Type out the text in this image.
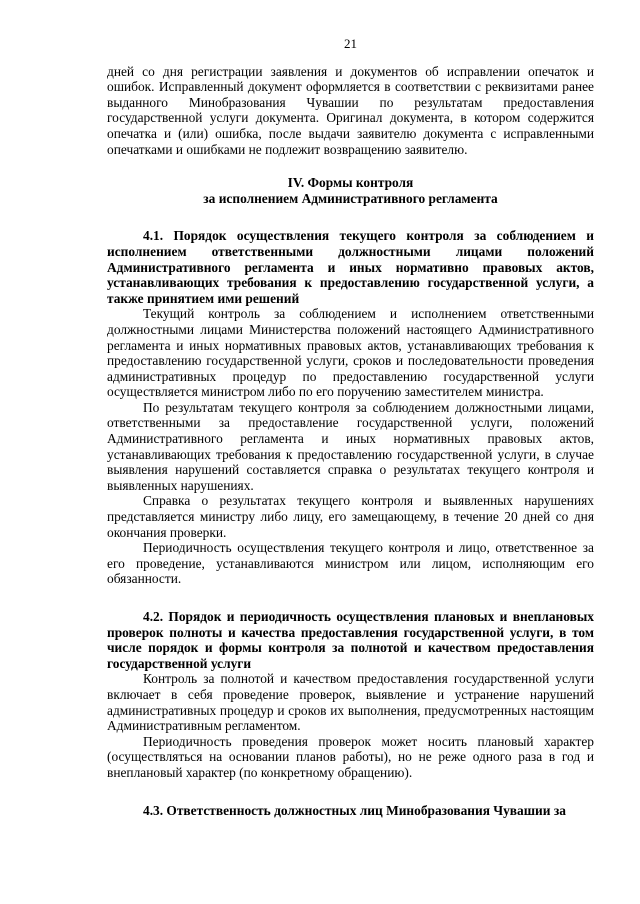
21

дней со дня регистрации заявления и документов об исправлении опечаток и ошибок. Исправленный документ оформляется в соответствии с реквизитами ранее выданного Минобразования Чувашии по результатам предоставления государственной услуги документа. Оригинал документа, в котором содержится опечатка и (или) ошибка, после выдачи заявителю документа с исправленными опечатками и ошибками не подлежит возвращению заявителю.

IV. Формы контроля

за исполнением Административного регламента

4.1. Порядок осуществления текущего контроля за соблюдением и исполнением ответственными должностными лицами положений Административного регламента и иных нормативно правовых актов, устанавливающих требования к предоставлению государственной услуги, а также принятием ими решений

Текущий контроль за соблюдением и исполнением ответственными должностными лицами Министерства положений настоящего Административного регламента и иных нормативных правовых актов, устанавливающих требования к предоставлению государственной услуги, сроков и последовательности проведения административных процедур по предоставлению государственной услуги осуществляется министром либо по его поручению заместителем министра.

По результатам текущего контроля за соблюдением должностными лицами, ответственными за предоставление государственной услуги, положений Административного регламента и иных нормативных правовых актов, устанавливающих требования к предоставлению государственной услуги, в случае выявления нарушений составляется справка о результатах текущего контроля и выявленных нарушениях.

Справка о результатах текущего контроля и выявленных нарушениях представляется министру либо лицу, его замещающему, в течение 20 дней со дня окончания проверки.

Периодичность осуществления текущего контроля и лицо, ответственное за его проведение, устанавливаются министром или лицом, исполняющим его обязанности.

4.2. Порядок и периодичность осуществления плановых и внеплановых проверок полноты и качества предоставления государственной услуги, в том числе порядок и формы контроля за полнотой и качеством предоставления государственной услуги

Контроль за полнотой и качеством предоставления государственной услуги включает в себя проведение проверок, выявление и устранение нарушений административных процедур и сроков их выполнения, предусмотренных настоящим Административным регламентом.

Периодичность проведения проверок может носить плановый характер (осуществляться на основании планов работы), но не реже одного раза в год и внеплановый характер (по конкретному обращению).

4.3. Ответственность должностных лиц Минобразования Чувашии за
